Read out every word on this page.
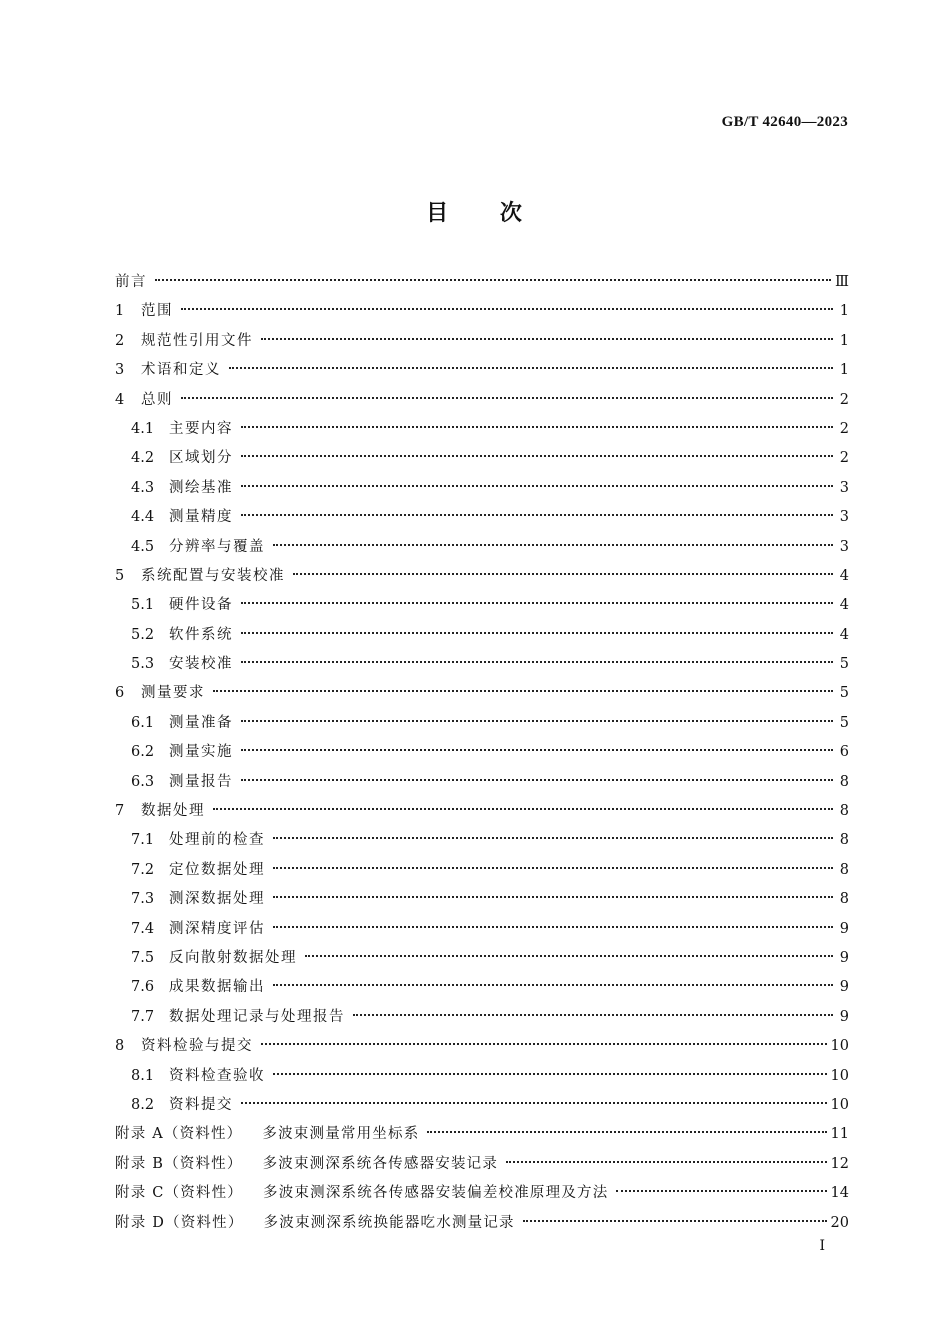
GB/T 42640—2023
目 次
前言	Ⅲ
1	范围	1
2	规范性引用文件	1
3	术语和定义	1
4	总则	2
4.1	主要内容	2
4.2	区域划分	2
4.3	测绘基准	3
4.4	测量精度	3
4.5	分辨率与覆盖	3
5	系统配置与安装校准	4
5.1	硬件设备	4
5.2	软件系统	4
5.3	安装校准	5
6	测量要求	5
6.1	测量准备	5
6.2	测量实施	6
6.3	测量报告	8
7	数据处理	8
7.1	处理前的检查	8
7.2	定位数据处理	8
7.3	测深数据处理	8
7.4	测深精度评估	9
7.5	反向散射数据处理	9
7.6	成果数据输出	9
7.7	数据处理记录与处理报告	9
8	资料检验与提交	10
8.1	资料检查验收	10
8.2	资料提交	10
附录 A（资料性） 多波束测量常用坐标系	11
附录 B（资料性） 多波束测深系统各传感器安装记录	12
附录 C（资料性） 多波束测深系统各传感器安装偏差校准原理及方法	14
附录 D（资料性） 多波束测深系统换能器吃水测量记录	20
I
